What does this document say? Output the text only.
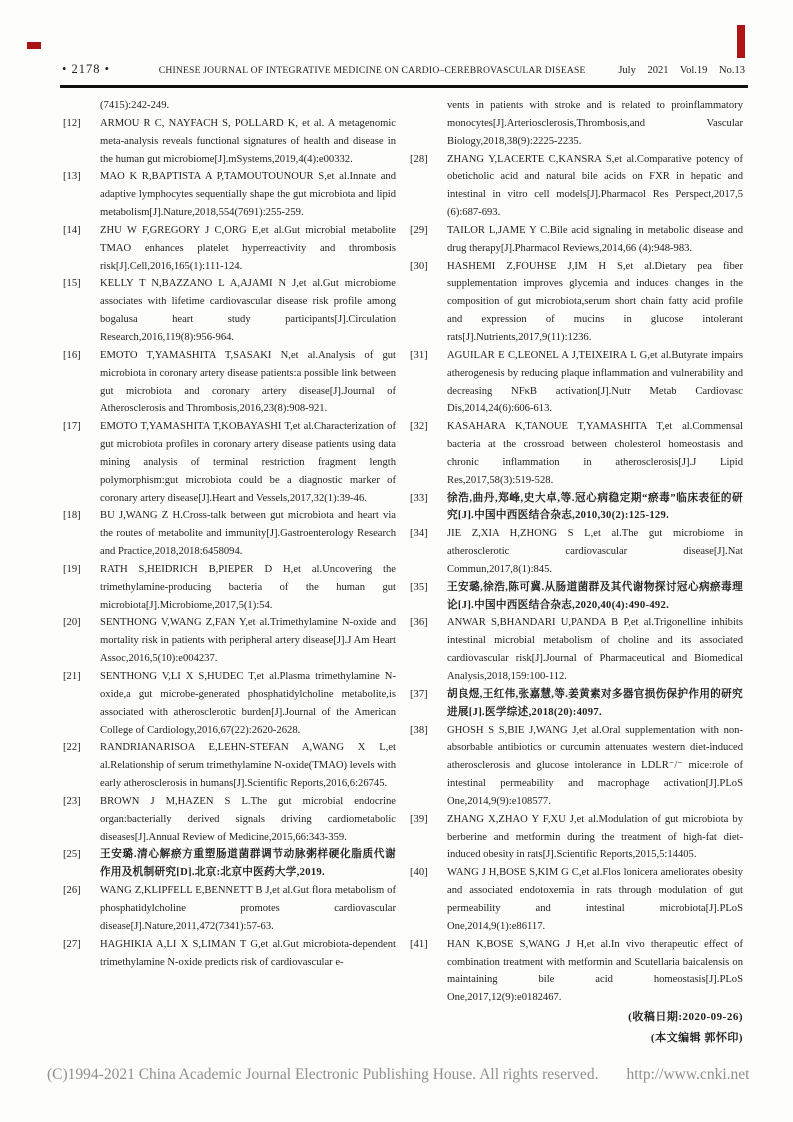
• 2178 •	CHINESE JOURNAL OF INTEGRATIVE MEDICINE ON CARDIO–CEREBROVASCULAR DISEASE	July 2021 Vol.19 No.13
(7415):242-249.
[12] ARMOU R C, NAYFACH S, POLLARD K, et al. A metagenomic meta-analysis reveals functional signatures of health and disease in the human gut microbiome[J].mSystems,2019,4(4):e00332.
[13] MAO K R,BAPTISTA A P,TAMOUTOUNOUR S,et al.Innate and adaptive lymphocytes sequentially shape the gut microbiota and lipid metabolism[J].Nature,2018,554(7691):255-259.
[14] ZHU W F,GREGORY J C,ORG E,et al.Gut microbial metabolite TMAO enhances platelet hyperreactivity and thrombosis risk[J].Cell,2016,165(1):111-124.
[15] KELLY T N,BAZZANO L A,AJAMI N J,et al.Gut microbiome associates with lifetime cardiovascular disease risk profile among bogalusa heart study participants[J].Circulation Research,2016,119(8):956-964.
[16] EMOTO T,YAMASHITA T,SASAKI N,et al.Analysis of gut microbiota in coronary artery disease patients:a possible link between gut microbiota and coronary artery disease[J].Journal of Atherosclerosis and Thrombosis,2016,23(8):908-921.
[17] EMOTO T,YAMASHITA T,KOBAYASHI T,et al.Characterization of gut microbiota profiles in coronary artery disease patients using data mining analysis of terminal restriction fragment length polymorphism:gut microbiota could be a diagnostic marker of coronary artery disease[J].Heart and Vessels,2017,32(1):39-46.
[18] BU J,WANG Z H.Cross-talk between gut microbiota and heart via the routes of metabolite and immunity[J].Gastroenterology Research and Practice,2018,2018:6458094.
[19] RATH S,HEIDRICH B,PIEPER D H,et al.Uncovering the trimethylamine-producing bacteria of the human gut microbiota[J].Microbiome,2017,5(1):54.
[20] SENTHONG V,WANG Z,FAN Y,et al.Trimethylamine N-oxide and mortality risk in patients with peripheral artery disease[J].J Am Heart Assoc,2016,5(10):e004237.
[21] SENTHONG V,LI X S,HUDEC T,et al.Plasma trimethylamine N-oxide,a gut microbe-generated phosphatidylcholine metabolite,is associated with atherosclerotic burden[J].Journal of the American College of Cardiology,2016,67(22):2620-2628.
[22] RANDRIANARISOA E,LEHN-STEFAN A,WANG X L,et al.Relationship of serum trimethylamine N-oxide(TMAO) levels with early atherosclerosis in humans[J].Scientific Reports,2016,6:26745.
[23] BROWN J M,HAZEN S L.The gut microbial endocrine organ:bacterially derived signals driving cardiometabolic diseases[J].Annual Review of Medicine,2015,66:343-359.
[25] 王安璐.清心解瘀方重塑肠道菌群调节动脉粥样硬化脂质代谢作用及机制研究[D].北京:北京中医药大学,2019.
[26] WANG Z,KLIPFELL E,BENNETT B J,et al.Gut flora metabolism of phosphatidylcholine promotes cardiovascular disease[J].Nature,2011,472(7341):57-63.
[27] HAGHIKIA A,LI X S,LIMAN T G,et al.Gut microbiota-dependent trimethylamine N-oxide predicts risk of cardiovascular e-
vents in patients with stroke and is related to proinflammatory monocytes[J].Arteriosclerosis,Thrombosis,and Vascular Biology,2018,38(9):2225-2235.
[28] ZHANG Y,LACERTE C,KANSRA S,et al.Comparative potency of obeticholic acid and natural bile acids on FXR in hepatic and intestinal in vitro cell models[J].Pharmacol Res Perspect,2017,5 (6):687-693.
[29] TAILOR L,JAME Y C.Bile acid signaling in metabolic disease and drug therapy[J].Pharmacol Reviews,2014,66 (4):948-983.
[30] HASHEMI Z,FOUHSE J,IM H S,et al.Dietary pea fiber supplementation improves glycemia and induces changes in the composition of gut microbiota,serum short chain fatty acid profile and expression of mucins in glucose intolerant rats[J].Nutrients,2017,9(11):1236.
[31] AGUILAR E C,LEONEL A J,TEIXEIRA L G,et al.Butyrate impairs atherogenesis by reducing plaque inflammation and vulnerability and decreasing NFκB activation[J].Nutr Metab Cardiovasc Dis,2014,24(6):606-613.
[32] KASAHARA K,TANOUE T,YAMASHITA T,et al.Commensal bacteria at the crossroad between cholesterol homeostasis and chronic inflammation in atherosclerosis[J].J Lipid Res,2017,58(3):519-528.
[33] 徐浩,曲丹,郑峰,史大卓,等.冠心病稳定期“瘀毒”临床表征的研究[J].中国中西医结合杂志,2010,30(2):125-129.
[34] JIE Z,XIA H,ZHONG S L,et al.The gut microbiome in atherosclerotic cardiovascular disease[J].Nat Commun,2017,8(1):845.
[35] 王安璐,徐浩,陈可冀.从肠道菌群及其代谢物探讨冠心病瘀毒理论[J].中国中西医结合杂志,2020,40(4):490-492.
[36] ANWAR S,BHANDARI U,PANDA B P,et al.Trigonelline inhibits intestinal microbial metabolism of choline and its associated cardiovascular risk[J].Journal of Pharmaceutical and Biomedical Analysis,2018,159:100-112.
[37] 胡良煜,王红伟,张嘉慧,等.姜黄素对多器官损伤保护作用的研究进展[J].医学综述,2018(20):4097.
[38] GHOSH S S,BIE J,WANG J,et al.Oral supplementation with non-absorbable antibiotics or curcumin attenuates western diet-induced atherosclerosis and glucose intolerance in LDLR⁻/⁻ mice:role of intestinal permeability and macrophage activation[J].PLoS One,2014,9(9):e108577.
[39] ZHANG X,ZHAO Y F,XU J,et al.Modulation of gut microbiota by berberine and metformin during the treatment of high-fat diet-induced obesity in rats[J].Scientific Reports,2015,5:14405.
[40] WANG J H,BOSE S,KIM G C,et al.Flos lonicera ameliorates obesity and associated endotoxemia in rats through modulation of gut permeability and intestinal microbiota[J].PLoS One,2014,9(1):e86117.
[41] HAN K,BOSE S,WANG J H,et al.In vivo therapeutic effect of combination treatment with metformin and Scutellaria baicalensis on maintaining bile acid homeostasis[J].PLoS One,2017,12(9):e0182467.
(收稿日期:2020-09-26)
(本文编辑 郭怀印)
(C)1994-2021 China Academic Journal Electronic Publishing House. All rights reserved. http://www.cnki.net
